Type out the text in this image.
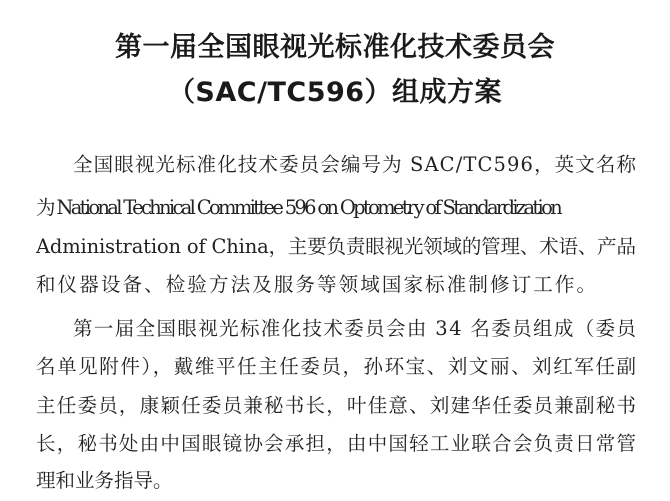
第一届全国眼视光标准化技术委员会
（SAC/TC596）组成方案
全国眼视光标准化技术委员会编号为 SAC/TC596，英文名称
为 National Technical Committee 596 on Optometry of Standardization
Administration of China，主要负责眼视光领域的管理、术语、产品
和仪器设备、检验方法及服务等领域国家标准制修订工作。
第一届全国眼视光标准化技术委员会由 34 名委员组成（委员
名单见附件），戴维平任主任委员，孙环宝、刘文丽、刘红军任副
主任委员，康颖任委员兼秘书长，叶佳意、刘建华任委员兼副秘书
长，秘书处由中国眼镜协会承担，由中国轻工业联合会负责日常管
理和业务指导。
